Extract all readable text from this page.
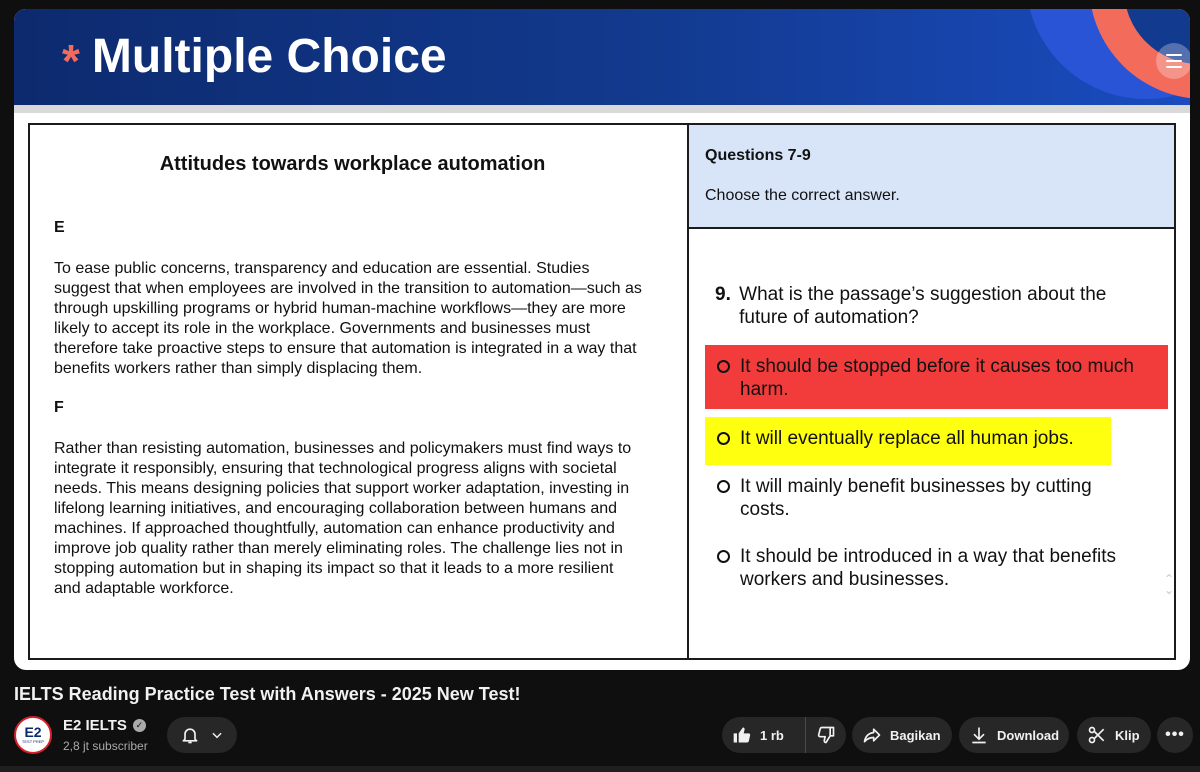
* Multiple Choice
Attitudes towards workplace automation
E
To ease public concerns, transparency and education are essential. Studies
suggest that when employees are involved in the transition to automation—such as
through upskilling programs or hybrid human-machine workflows—they are more
likely to accept its role in the workplace. Governments and businesses must
therefore take proactive steps to ensure that automation is integrated in a way that
benefits workers rather than simply displacing them.
F
Rather than resisting automation, businesses and policymakers must find ways to
integrate it responsibly, ensuring that technological progress aligns with societal
needs. This means designing policies that support worker adaptation, investing in
lifelong learning initiatives, and encouraging collaboration between humans and
machines. If approached thoughtfully, automation can enhance productivity and
improve job quality rather than merely eliminating roles. The challenge lies not in
stopping automation but in shaping its impact so that it leads to a more resilient
and adaptable workforce.
Questions 7-9
Choose the correct answer.
9. What is the passage’s suggestion about the future of automation?
It should be stopped before it causes too much harm.
It will eventually replace all human jobs.
It will mainly benefit businesses by cutting costs.
It should be introduced in a way that benefits workers and businesses.	⌃
⌄
IELTS Reading Practice Test with Answers - 2025 New Test!
E2
TEST PREP
E2 IELTS ✓
2,8 jt subscriber
1 rb	Bagikan	Download	Klip •••
